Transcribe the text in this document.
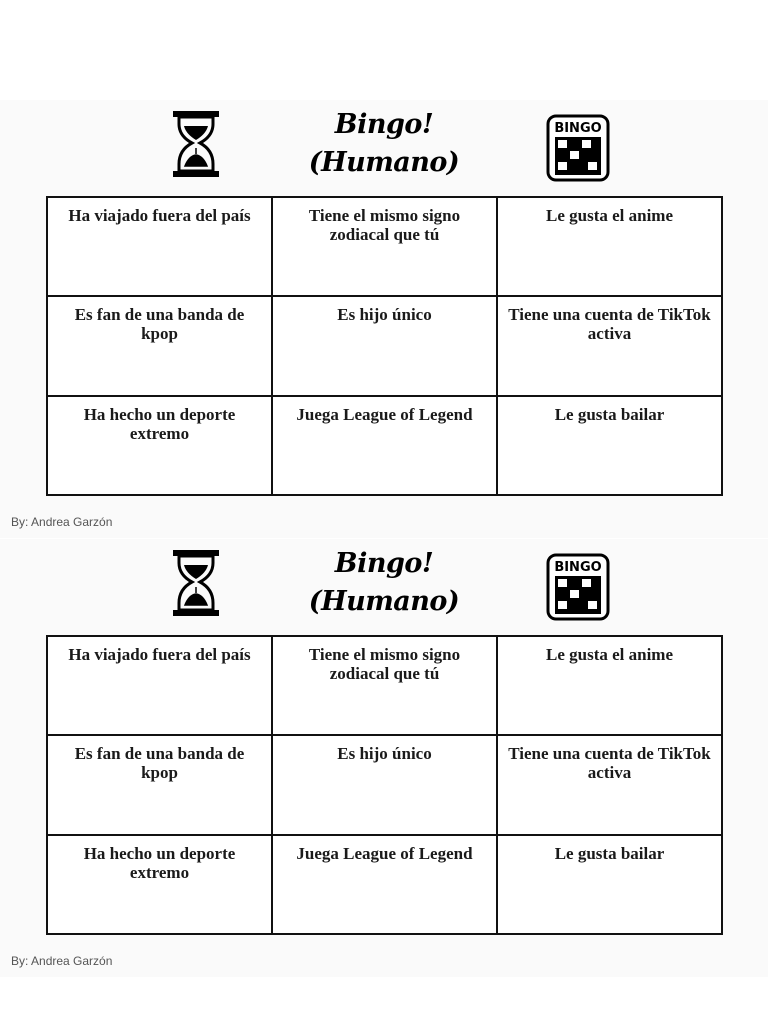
Bingo!
(Humano)
BINGO
Ha viajado fuera del país	Tiene el mismo signo zodiacal que tú	Le gusta el anime
Es fan de una banda de kpop	Es hijo único	Tiene una cuenta de TikTok activa
Ha hecho un deporte extremo	Juega League of Legend	Le gusta bailar
By: Andrea Garzón
Bingo!
(Humano)
BINGO
Ha viajado fuera del país	Tiene el mismo signo zodiacal que tú	Le gusta el anime
Es fan de una banda de kpop	Es hijo único	Tiene una cuenta de TikTok activa
Ha hecho un deporte extremo	Juega League of Legend	Le gusta bailar
By: Andrea Garzón
